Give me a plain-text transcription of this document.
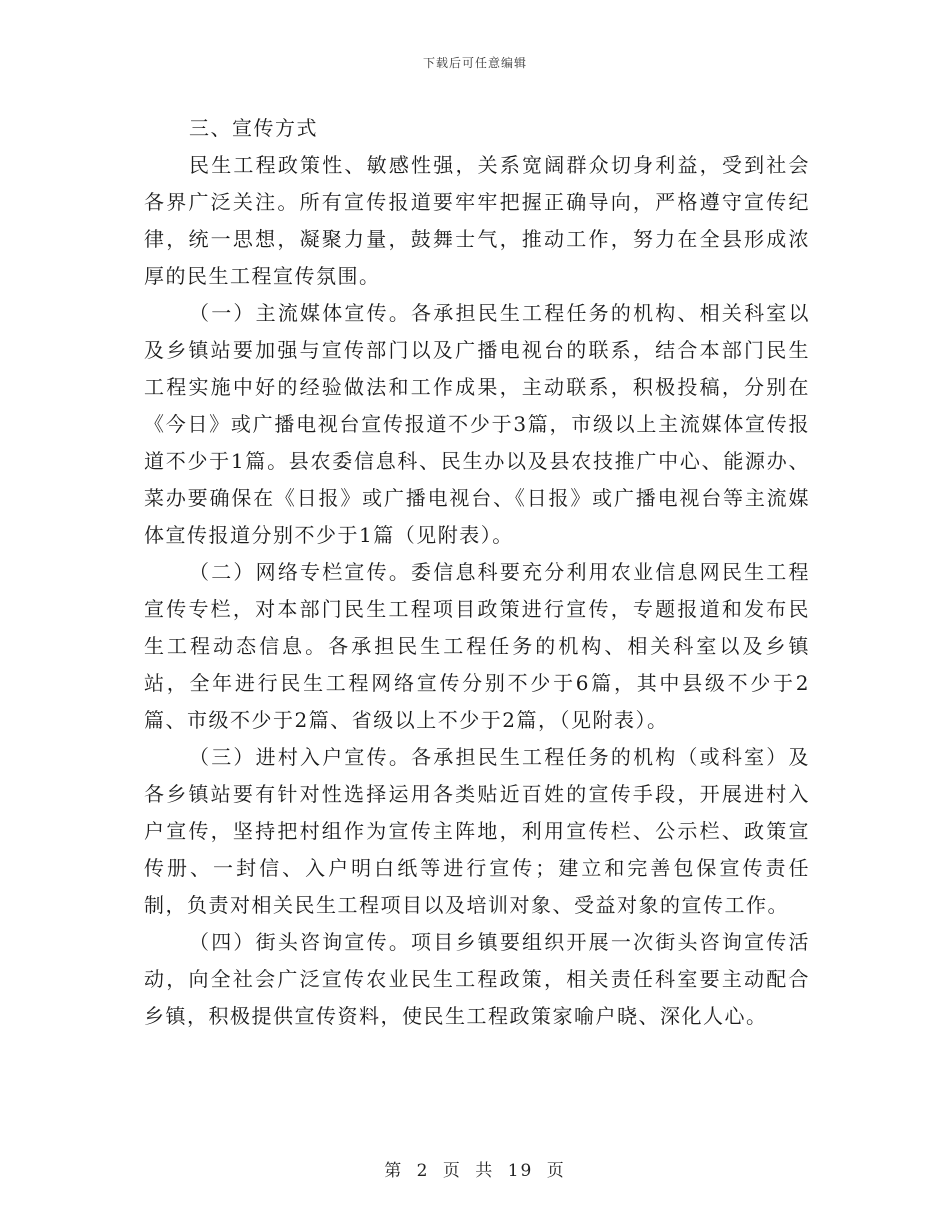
下载后可任意编辑
三、宣传方式

民生工程政策性、敏感性强，关系宽阔群众切身利益，受到社会各界广泛关注。所有宣传报道要牢牢把握正确导向，严格遵守宣传纪律，统一思想，凝聚力量，鼓舞士气，推动工作，努力在全县形成浓厚的民生工程宣传氛围。

（一）主流媒体宣传。各承担民生工程任务的机构、相关科室以及乡镇站要加强与宣传部门以及广播电视台的联系，结合本部门民生工程实施中好的经验做法和工作成果，主动联系，积极投稿，分别在《今日》或广播电视台宣传报道不少于3篇，市级以上主流媒体宣传报道不少于1篇。县农委信息科、民生办以及县农技推广中心、能源办、菜办要确保在《日报》或广播电视台、《日报》或广播电视台等主流媒体宣传报道分别不少于1篇（见附表）。

（二）网络专栏宣传。委信息科要充分利用农业信息网民生工程宣传专栏，对本部门民生工程项目政策进行宣传，专题报道和发布民生工程动态信息。各承担民生工程任务的机构、相关科室以及乡镇站，全年进行民生工程网络宣传分别不少于6篇，其中县级不少于2篇、市级不少于2篇、省级以上不少于2篇，（见附表）。

（三）进村入户宣传。各承担民生工程任务的机构（或科室）及各乡镇站要有针对性选择运用各类贴近百姓的宣传手段，开展进村入户宣传，坚持把村组作为宣传主阵地，利用宣传栏、公示栏、政策宣传册、一封信、入户明白纸等进行宣传；建立和完善包保宣传责任制，负责对相关民生工程项目以及培训对象、受益对象的宣传工作。

（四）街头咨询宣传。项目乡镇要组织开展一次街头咨询宣传活动，向全社会广泛宣传农业民生工程政策，相关责任科室要主动配合乡镇，积极提供宣传资料，使民生工程政策家喻户晓、深化人心。

第 2 页 共 19 页
